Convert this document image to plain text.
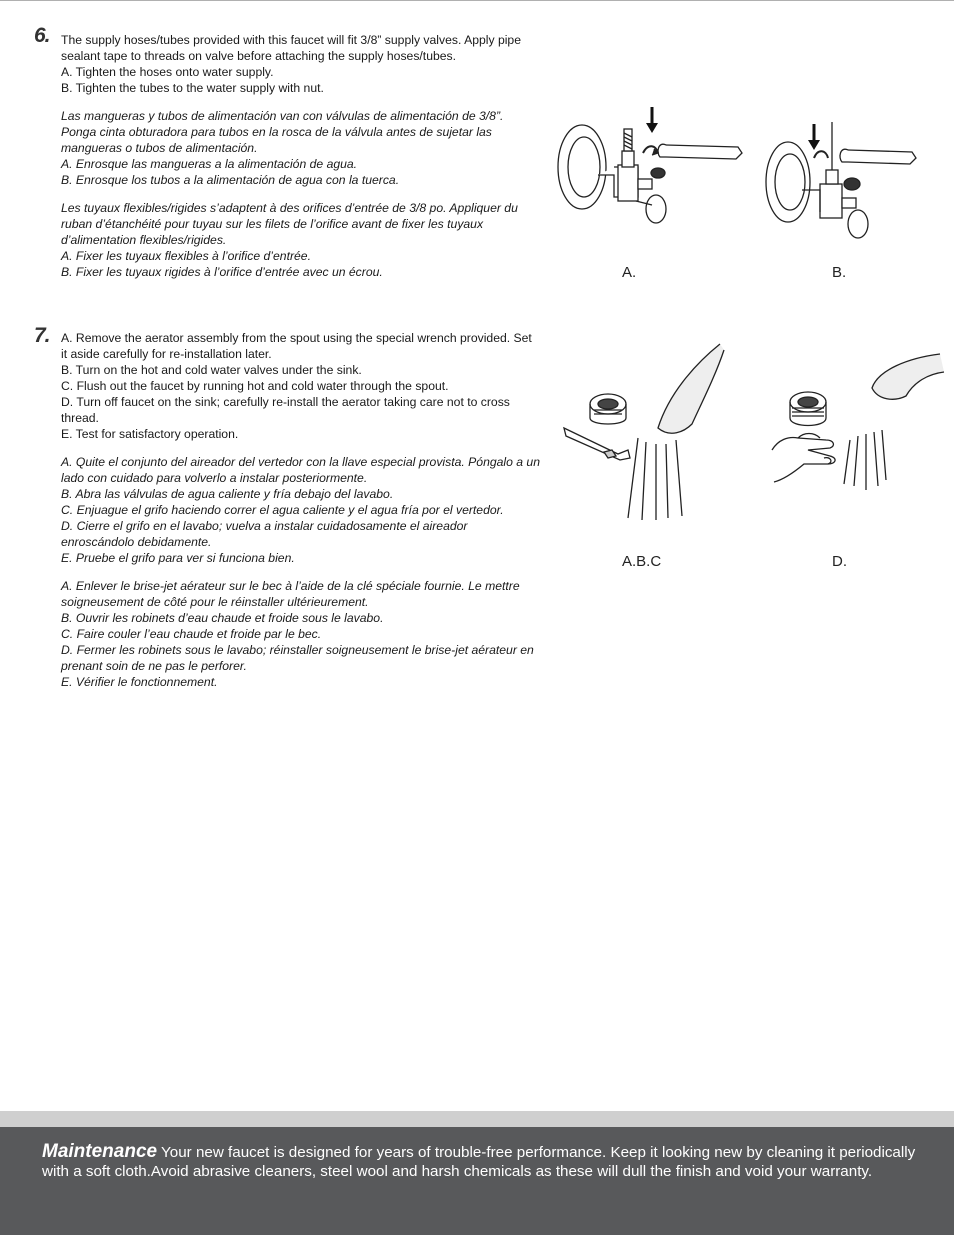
6. The supply hoses/tubes provided with this faucet will fit 3/8” supply valves. Apply pipe sealant tape to threads on valve before attaching the supply hoses/tubes.

A. Tighten the hoses onto water supply.

B. Tighten the tubes to the water supply with nut.

Las mangueras y tubos de alimentación van con válvulas de alimentación de 3/8”. Ponga cinta obturadora para tubos en la rosca de la válvula antes de sujetar las mangueras o tubos de alimentación.

A. Enrosque las mangueras a la alimentación de agua.

B. Enrosque los tubos a la alimentación de agua con la tuerca.

Les tuyaux flexibles/rigides s’adaptent à des orifices d’entrée de 3/8 po. Appliquer du ruban d’étanchéité pour tuyau sur les filets de l’orifice avant de fixer les tuyaux d’alimentation flexibles/rigides.

A. Fixer les tuyaux flexibles à l’orifice d’entrée.

B. Fixer les tuyaux rigides à l’orifice d’entrée avec un écrou.	A.	B.
7. A. Remove the aerator assembly from the spout using the special wrench provided. Set it aside carefully for re-installation later.

B. Turn on the hot and cold water valves under the sink.

C. Flush out the faucet by running hot and cold water through the spout.

D. Turn off faucet on the sink; carefully re-install the aerator taking care not to cross thread.

E. Test for satisfactory operation.

A. Quite el conjunto del aireador del vertedor con la llave especial provista. Póngalo a un lado con cuidado para volverlo a instalar posteriormente.

B. Abra las válvulas de agua caliente y fría debajo del lavabo.

C. Enjuague el grifo haciendo correr el agua caliente y el agua fría por el vertedor.

D. Cierre el grifo en el lavabo; vuelva a instalar cuidadosamente el aireador enroscándolo debidamente.

E. Pruebe el grifo para ver si funciona bien.

A. Enlever le brise-jet aérateur sur le bec à l’aide de la clé spéciale fournie. Le mettre soigneusement de côté pour le réinstaller ultérieurement.

B. Ouvrir les robinets d’eau chaude et froide sous le lavabo.

C. Faire couler l’eau chaude et froide par le bec.

D. Fermer les robinets sous le lavabo; réinstaller soigneusement le brise-jet aérateur en prenant soin de ne pas le perforer.

E. Vérifier le fonctionnement.

A.B.C	D.
Maintenance Your new faucet is designed for years of trouble-free performance. Keep it looking new by cleaning it periodically with a soft cloth.Avoid abrasive cleaners, steel wool and harsh chemicals as these will dull the finish and void your warranty.
